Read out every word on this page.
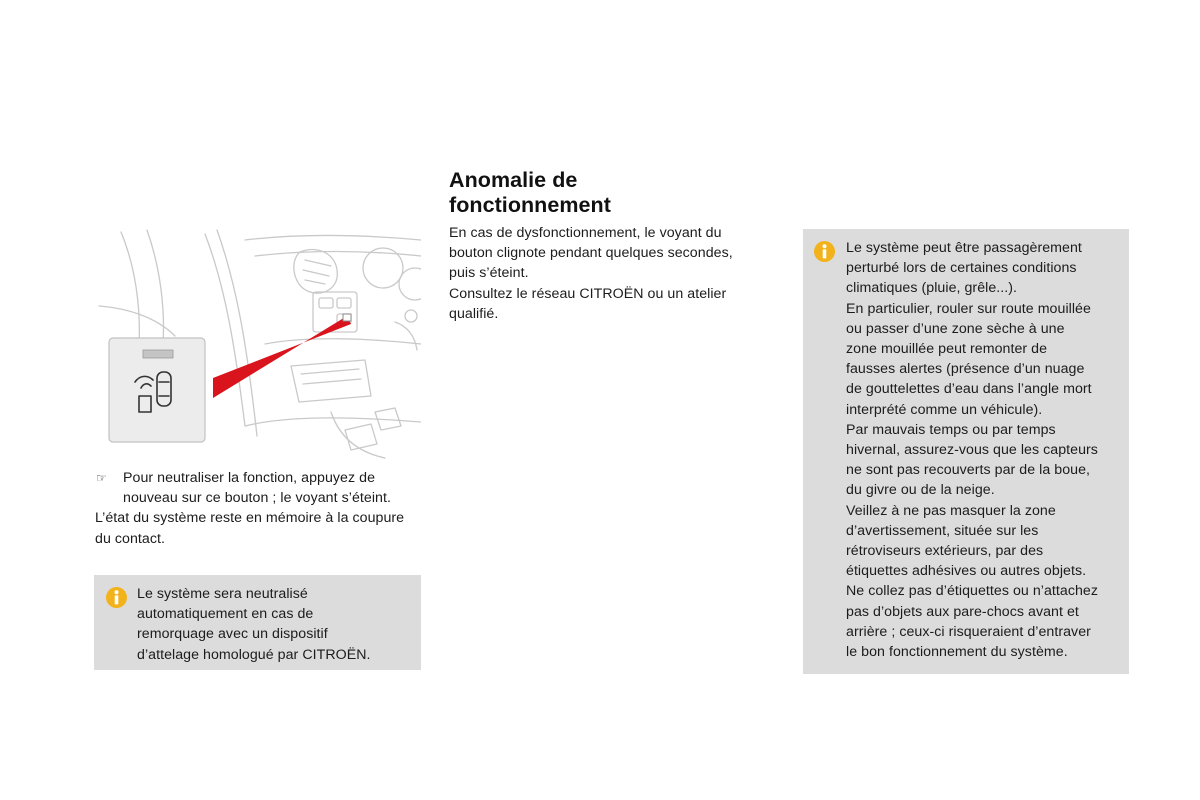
☞	Pour neutraliser la fonction, appuyez de nouveau sur ce bouton ; le voyant s’éteint.

L’état du système reste en mémoire à la coupure du contact.

Le système sera neutralisé
automatiquement en cas de
remorquage avec un dispositif
d’attelage homologué par CITROËN.
Anomalie de
fonctionnement
En cas de dysfonctionnement, le voyant du
bouton clignote pendant quelques secondes,
puis s’éteint.
Consultez le réseau CITROËN ou un atelier
qualifié.
Le système peut être passagèrement
perturbé lors de certaines conditions
climatiques (pluie, grêle...).
En particulier, rouler sur route mouillée
ou passer d’une zone sèche à une
zone mouillée peut remonter de
fausses alertes (présence d’un nuage
de gouttelettes d’eau dans l’angle mort
interprété comme un véhicule).
Par mauvais temps ou par temps
hivernal, assurez-vous que les capteurs
ne sont pas recouverts par de la boue,
du givre ou de la neige.
Veillez à ne pas masquer la zone
d’avertissement, située sur les
rétroviseurs extérieurs, par des
étiquettes adhésives ou autres objets.
Ne collez pas d’étiquettes ou n’attachez
pas d’objets aux pare-chocs avant et
arrière ; ceux-ci risqueraient d’entraver
le bon fonctionnement du système.
